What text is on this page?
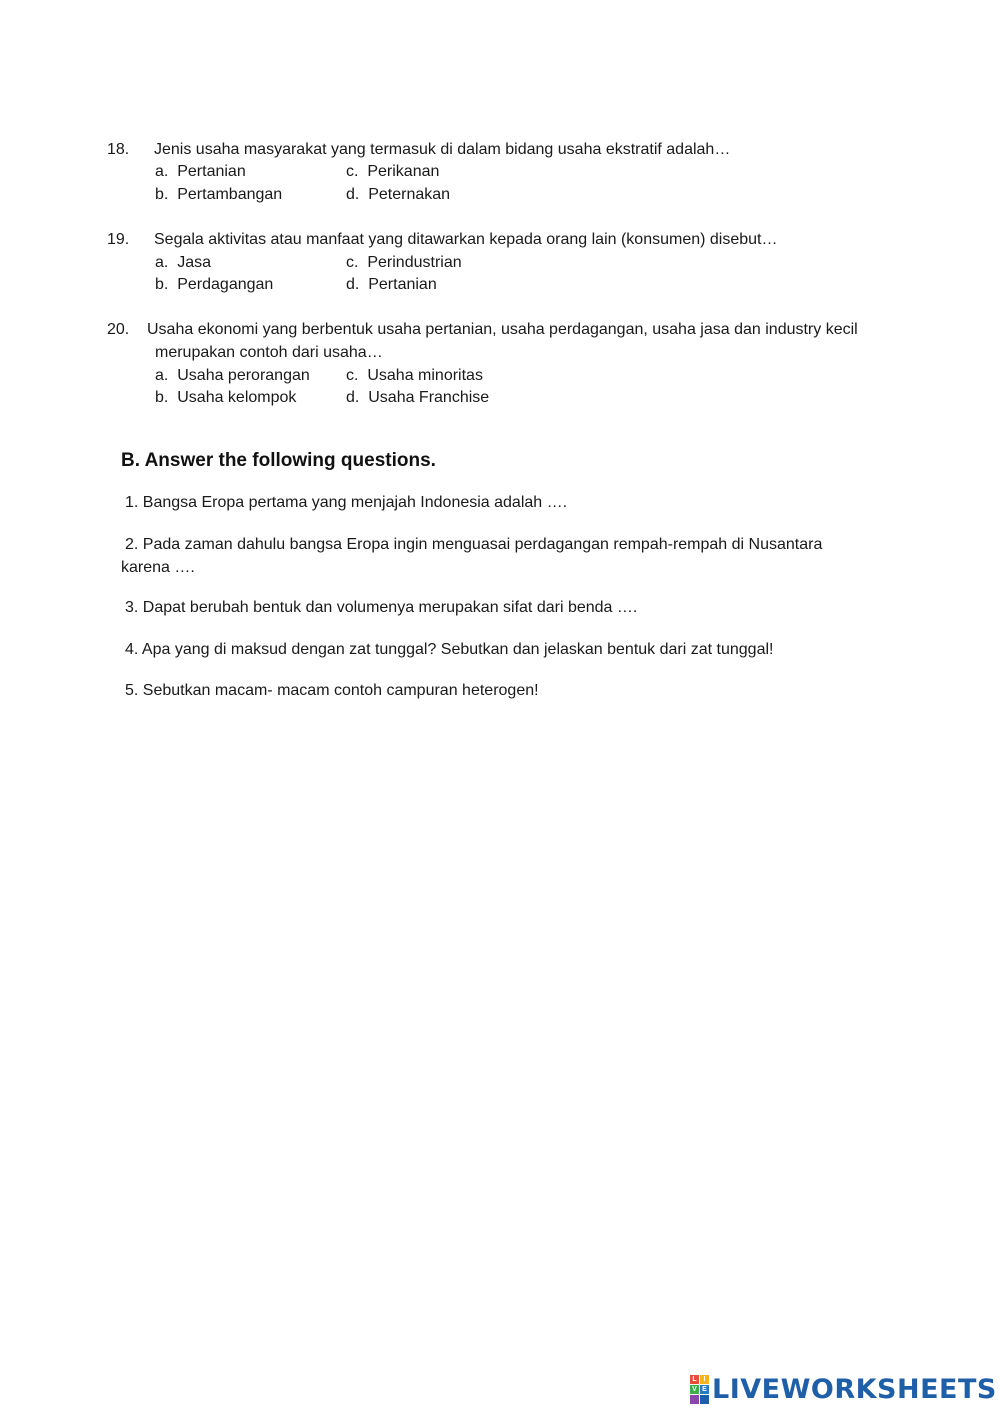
18. Jenis usaha masyarakat yang termasuk di dalam bidang usaha ekstratif adalah…
a. Pertanian	c. Perikanan
b. Pertambangan	d. Peternakan
19. Segala aktivitas atau manfaat yang ditawarkan kepada orang lain (konsumen) disebut…
a. Jasa	c. Perindustrian
b. Perdagangan	d. Pertanian
20. Usaha ekonomi yang berbentuk usaha pertanian, usaha perdagangan, usaha jasa dan industry kecil
merupakan contoh dari usaha…
a. Usaha perorangan c. Usaha minoritas
b. Usaha kelompok	d. Usaha Franchise
B. Answer the following questions.
1. Bangsa Eropa pertama yang menjajah Indonesia adalah ….
2. Pada zaman dahulu bangsa Eropa ingin menguasai perdagangan rempah-rempah di Nusantara
karena ….
3. Dapat berubah bentuk dan volumenya merupakan sifat dari benda ….
4. Apa yang di maksud dengan zat tunggal? Sebutkan dan jelaskan bentuk dari zat tunggal!
5. Sebutkan macam- macam contoh campuran heterogen!
L I
V E LIVEWORKSHEETS
